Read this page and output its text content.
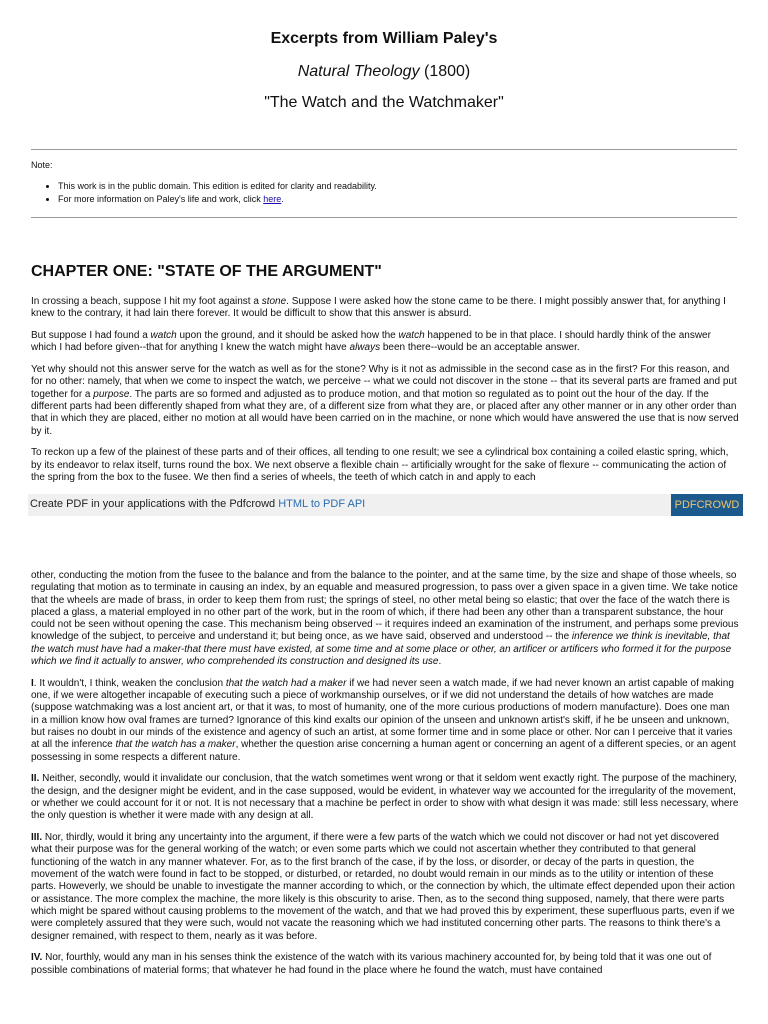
Excerpts from William Paley's
Natural Theology (1800)
"The Watch and the Watchmaker"
Note:
• This work is in the public domain. This edition is edited for clarity and readability.
• For more information on Paley's life and work, click here.
CHAPTER ONE: "STATE OF THE ARGUMENT"

In crossing a beach, suppose I hit my foot against a stone. Suppose I were asked how the stone came to be there. I might possibly answer that, for anything I knew to the contrary, it had lain there forever. It would be difficult to show that this answer is absurd.

But suppose I had found a watch upon the ground, and it should be asked how the watch happened to be in that place. I should hardly think of the answer which I had before given--that for anything I knew the watch might have always been there--would be an acceptable answer.

Yet why should not this answer serve for the watch as well as for the stone? Why is it not as admissible in the second case as in the first? For this reason, and for no other: namely, that when we come to inspect the watch, we perceive -- what we could not discover in the stone -- that its several parts are framed and put together for a purpose. The parts are so formed and adjusted as to produce motion, and that motion so regulated as to point out the hour of the day. If the different parts had been differently shaped from what they are, of a different size from what they are, or placed after any other manner or in any other order than that in which they are placed, either no motion at all would have been carried on in the machine, or none which would have answered the use that is now served by it.

To reckon up a few of the plainest of these parts and of their offices, all tending to one result; we see a cylindrical box containing a coiled elastic spring, which, by its endeavor to relax itself, turns round the box. We next observe a flexible chain -- artificially wrought for the sake of flexure -- communicating the action of the spring from the box to the fusee. We then find a series of wheels, the teeth of which catch in and apply to each

Create PDF in your applications with the Pdfcrowd HTML to PDF API	PDFCROWD

other, conducting the motion from the fusee to the balance and from the balance to the pointer, and at the same time, by the size and shape of those wheels, so regulating that motion as to terminate in causing an index, by an equable and measured progression, to pass over a given space in a given time. We take notice that the wheels are made of brass, in order to keep them from rust; the springs of steel, no other metal being so elastic; that over the face of the watch there is placed a glass, a material employed in no other part of the work, but in the room of which, if there had been any other than a transparent substance, the hour could not be seen without opening the case. This mechanism being observed -- it requires indeed an examination of the instrument, and perhaps some previous knowledge of the subject, to perceive and understand it; but being once, as we have said, observed and understood -- the inference we think is inevitable, that the watch must have had a maker-that there must have existed, at some time and at some place or other, an artificer or artificers who formed it for the purpose which we find it actually to answer, who comprehended its construction and designed its use.

I. It wouldn't, I think, weaken the conclusion that the watch had a maker if we had never seen a watch made, if we had never known an artist capable of making one, if we were altogether incapable of executing such a piece of workmanship ourselves, or if we did not understand the details of how watches are made (suppose watchmaking was a lost ancient art, or that it was, to most of humanity, one of the more curious productions of modern manufacture). Does one man in a million know how oval frames are turned? Ignorance of this kind exalts our opinion of the unseen and unknown artist's skiff, if he be unseen and unknown, but raises no doubt in our minds of the existence and agency of such an artist, at some former time and in some place or other. Nor can I perceive that it varies at all the inference that the watch has a maker, whether the question arise concerning a human agent or concerning an agent of a different species, or an agent possessing in some respects a different nature.

II. Neither, secondly, would it invalidate our conclusion, that the watch sometimes went wrong or that it seldom went exactly right. The purpose of the machinery, the design, and the designer might be evident, and in the case supposed, would be evident, in whatever way we accounted for the irregularity of the movement, or whether we could account for it or not. It is not necessary that a machine be perfect in order to show with what design it was made: still less necessary, where the only question is whether it were made with any design at all.

III. Nor, thirdly, would it bring any uncertainty into the argument, if there were a few parts of the watch which we could not discover or had not yet discovered what their purpose was for the general working of the watch; or even some parts which we could not ascertain whether they contributed to that general functioning of the watch in any manner whatever. For, as to the first branch of the case, if by the loss, or disorder, or decay of the parts in question, the movement of the watch were found in fact to be stopped, or disturbed, or retarded, no doubt would remain in our minds as to the utility or intention of these parts. Howeverly, we should be unable to investigate the manner according to which, or the connection by which, the ultimate effect depended upon their action or assistance. The more complex the machine, the more likely is this obscurity to arise. Then, as to the second thing supposed, namely, that there were parts which might be spared without causing problems to the movement of the watch, and that we had proved this by experiment, these superfluous parts, even if we were completely assured that they were such, would not vacate the reasoning which we had instituted concerning other parts. The reasons to think there's a designer remained, with respect to them, nearly as it was before.

IV. Nor, fourthly, would any man in his senses think the existence of the watch with its various machinery accounted for, by being told that it was one out of possible combinations of material forms; that whatever he had found in the place where he found the watch, must have contained
